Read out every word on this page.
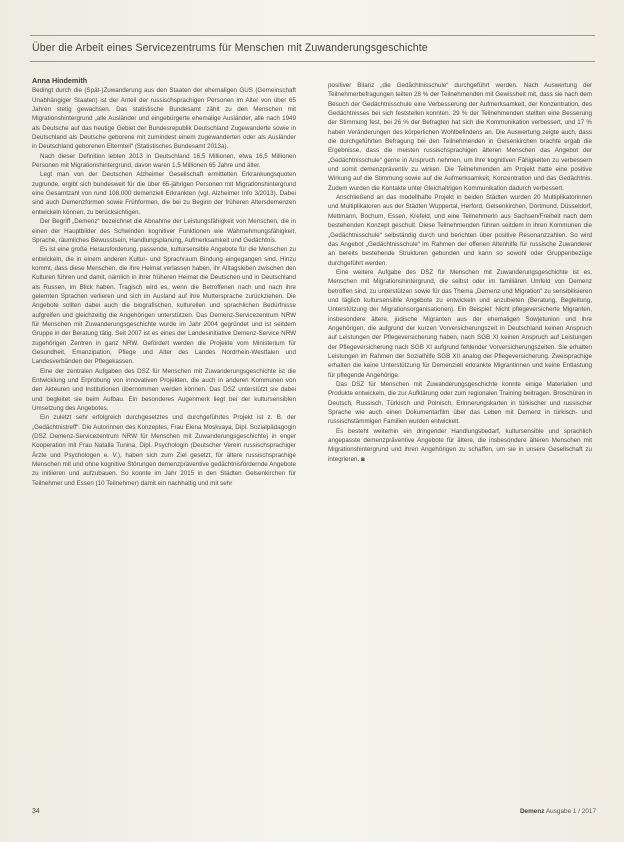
Über die Arbeit eines Servicezentrums für Menschen mit Zuwanderungsgeschichte
Anna Hindemith

Bedingt durch die (Spät-)Zuwanderung aus den Staaten der ehemaligen GUS (Gemeinschaft Unabhängiger Staaten) ist der Anteil der russischsprachigen Personen im Alter von über 65 Jahren stetig gewachsen. Das statistische Bundesamt zählt zu den Menschen mit Migrationshintergrund „alle Ausländer und eingebürgerte ehemalige Ausländer, alle nach 1949 als Deutsche auf das heutige Gebiet der Bundesrepublik Deutschland Zugewanderte sowie in Deutschland als Deutsche geborene mit zumindest einem zugewanderten oder als Ausländer in Deutschland geborenen Elternteil“ (Statistisches Bundesamt 2013a).

Nach dieser Definition lebten 2013 in Deutschland 16,5 Millionen, etwa 16,5 Millionen Personen mit Migrationshintergrund, davon waren 1,5 Millionen 65 Jahre und älter.

Legt man von der Deutschen Alzheimer Gesellschaft ermittelten Erkrankungsquoten zugrunde, ergibt sich bundesweit für die über 65-jährigen Personen mit Migrationshintergrund eine Gesamtzahl von rund 108.000 demenziell Erkrankten (vgl. Alzheimer Info 3/2013). Dabei sind auch Demenzformen sowie Frühformen, die bei zu Beginn der früheren Altersdemenzen entwickeln können, zu berücksichtigen.

Der Begriff „Demenz“ bezeichnet die Abnahme der Leistungsfähigkeit von Menschen, die in einen der Hauptbilder des Schwinden kognitiver Funktionen wie Wahrnehmungsfähigkeit, Sprache, räumliches Bewusstsein, Handlungsplanung, Aufmerksamkeit und Gedächtnis.

Es ist eine große Herausforderung, passende, kultursensible Angebote für die Menschen zu entwickeln, die in einem anderen Kultur- und Sprachraum Bindung eingegangen sind. Hinzu kommt, dass diese Menschen, die ihre Heimat verlassen haben, ihr Alltagsleben zwischen den Kulturen führen und damit, nämlich in ihrer früheren Heimat die Deutschen und in Deutschland als Russen, im Blick haben. Tragisch wird es, wenn die Betroffenen nach und nach ihre gelernten Sprachen verlieren und sich im Ausland auf ihre Muttersprache zurückziehen. Die Angebote sollten dabei auch die biografischen, kulturellen und sprachlichen Bedürfnisse aufgreifen und gleichzeitig die Angehörigen unterstützen. Das Demenz-Servicezentrum NRW für Menschen mit Zuwanderungsgeschichte wurde im Jahr 2004 gegründet und ist seitdem Gruppe in der Beratung tätig. Seit 2007 ist es eines der Landesinitiative Demenz-Service NRW zugehörigen Zentren in ganz NRW. Gefördert werden die Projekte vom Ministerium für Gesundheit, Emanzipation, Pflege und Alter des Landes Nordrhein-Westfalen und Landesverbänden der Pflegekassen.

Eine der zentralen Aufgaben des DSZ für Menschen mit Zuwanderungsgeschichte ist die Entwicklung und Erprobung von innovativen Projekten, die auch in anderen Kommunen von den Akteuren und Institutionen übernommen werden können. Das DSZ unterstützt sie dabei und begleitet sie beim Aufbau. Ein besonderes Augenmerk liegt bei der kultursensiblen Umsetzung des Angebotes.

Ein zuletzt sehr erfolgreich durchgesetztes und durchgeführtes Projekt ist z. B. der „Gedächtnistreff“. Die Autorinnen des Konzeptes, Frau Elena Moskvaya, Dipl. Sozialpädagogin (DSZ Demenz-Servicezentrum NRW für Menschen mit Zuwanderungsgeschichte) in enger Kooperation mit Frau Natalia Tunina, Dipl. Psychologin (Deutscher Verein russischsprachiger Ärzte und Psychologen e. V.), haben sich zum Ziel gesetzt, für ältere russischsprachige Menschen mit und ohne kognitive Störungen demenzpräventive gedächtnisfördernde Angebote zu initiieren und aufzubauen. So konnte im Jahr 2015 in den Städten Gelsenkirchen für Teilnehmer und Essen (10 Teilnehmer) damit ein nachhaltig und mit sehr

positiver Bilanz „die Gedächtnisschule“ durchgeführt werden. Nach Auswertung der Teilnehmerbefragungen teilten 28 % der Teilnehmenden mit Gewissheit mit, dass sie nach dem Besuch der Gedächtnisschule eine Verbesserung der Aufmerksamkeit, der Konzentration, des Gedächtnisses bei sich feststellen konnten. 29 % der Teilnehmenden stellten eine Besserung der Stimmung fest, bei 26 % der Befragten hat sich die Kommunikation verbessert, und 17 % haben Veränderungen des körperlichen Wohlbefindens an. Die Auswertung zeigte auch, dass die durchgeführten Befragung bei den Teilnehmenden in Gelsenkirchen brachte ergab die Ergebnisse, dass die meisten russischsprachigen älteren Menschen das Angebot der „Gedächtnisschule“ gerne in Anspruch nehmen, um ihre kognitiven Fähigkeiten zu verbessern und somit demenzpräventiv zu wirken. Die Teilnehmenden am Projekt hatte eine positive Wirkung auf die Stimmung sowie auf die Aufmerksamkeit, Konzentration und das Gedächtnis. Zudem wurden die Kontakte unter Gleichaltrigen Kommunikation dadurch verbessert.

Anschließend an das modellhafte Projekt in beiden Städten wurden 20 Multiplikatorinnen und Multiplikatoren aus der Städten Wuppertal, Herford, Gelsenkirchen, Dortmund, Düsseldorf, Mettmann, Bochum, Essen, Krefeld, und eine Teilnehmerin aus Sachsen/Freiheit nach dem bestehenden Konzept geschult. Diese Teilnehmenden führen seitdem in ihren Kommunen die „Gedächtnisschule“ selbständig durch und berichten über positive Resonanzzahlen. So wird das Angebot „Gedächtnisschule“ im Rahmen der offenen Altenhilfe für russische Zuwanderer an bereits bestehende Strukturen gebunden und kann so sowohl oder Gruppenbezüge durchgeführt werden.

Eine weitere Aufgabe des DSZ für Menschen mit Zuwanderungsgeschichte ist es, Menschen mit Migrationshintergrund, die selbst oder im familiären Umfeld von Demenz betroffen sind, zu unterstützen sowie für das Thema „Demenz und Migration“ zu sensibilisieren und täglich kultursensible Angebote zu entwickeln und anzubieten (Beratung, Begleitung, Unterstützung der Migrationsorganisationen). Ein Beispiel: Nicht pflegeversicherte Migranten, insbesondere ältere, jüdische Migranten aus der ehemaligen Sowjetunion und ihre Angehörigen, die aufgrund der kurzen Vorversicherungszeit in Deutschland keinen Anspruch auf Leistungen der Pflegeversicherung haben, nach SGB XI keinen Anspruch auf Leistungen der Pflegeversicherung nach SGB XI aufgrund fehlender Vorversicherungszeiten. Sie erhalten Leistungen im Rahmen der Sozialhilfe SGB XII analog der Pflegeversicherung. Zweisprachige erhalten die keine Unterstützung für Demenziell erkrankte Migrantinnen und keine Entlastung für pflegende Angehörige.

Das DSZ für Menschen mit Zuwanderungsgeschichte konnte einige Materialien und Produkte entwickeln, die zur Aufklärung oder zum regionalen Training beitragen. Broschüren in Deutsch, Russisch, Türkisch und Polnisch, Erinnerungskarten in türkischer und russischer Sprache wie auch einen Dokumentarfilm über das Leben mit Demenz in türkisch- und russischstämmigen Familien wurden entwickelt.

Es besteht weiterhin ein dringender Handlungsbedarf, kultursensible und sprachlich angepasste demenzpräventive Angebote für ältere, die insbesondere älteren Menschen mit Migrationshintergrund und ihren Angehörigen zu schaffen, um sie in unsere Gesellschaft zu integrieren. ◙

34	Demenz Ausgabe 1 / 2017
